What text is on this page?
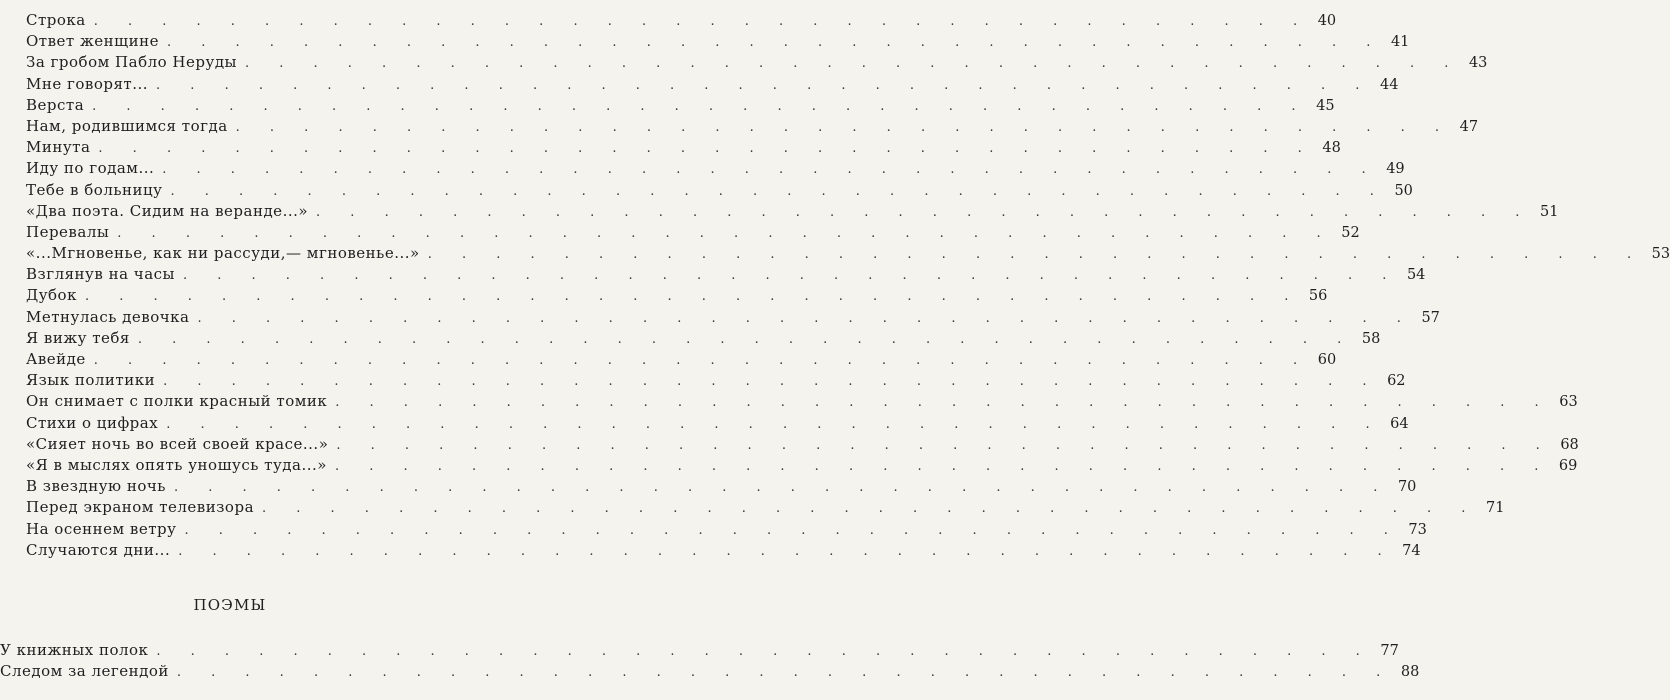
Строка . . . . . . . . . . . . . . . . . . . . . . . . . . . . . . . . . . . . 40
Ответ женщине . . . . . . . . . . . . . . . . . . . . . . . . . . . . . . . . . . . . 41
За гробом Пабло Неруды . . . . . . . . . . . . . . . . . . . . . . . . . . . . . . . . . . . . 43
Мне говорят... . . . . . . . . . . . . . . . . . . . . . . . . . . . . . . . . . . . . 44
Верста . . . . . . . . . . . . . . . . . . . . . . . . . . . . . . . . . . . . 45
Нам, родившимся тогда . . . . . . . . . . . . . . . . . . . . . . . . . . . . . . . . . . . . 47
Минута . . . . . . . . . . . . . . . . . . . . . . . . . . . . . . . . . . . . 48
Иду по годам... . . . . . . . . . . . . . . . . . . . . . . . . . . . . . . . . . . . . 49
Тебе в больницу . . . . . . . . . . . . . . . . . . . . . . . . . . . . . . . . . . . . 50
«Два поэта. Сидим на веранде...» . . . . . . . . . . . . . . . . . . . . . . . . . . . . . . . . . . . . 51
Перевалы . . . . . . . . . . . . . . . . . . . . . . . . . . . . . . . . . . . . 52
«...Мгновенье, как ни рассуди,— мгновенье...» . . . . . . . . . . . . . . . . . . . . . . . . . . . . . . . . . . . . 53
Взглянув на часы . . . . . . . . . . . . . . . . . . . . . . . . . . . . . . . . . . . . 54
Дубок . . . . . . . . . . . . . . . . . . . . . . . . . . . . . . . . . . . . 56
Метнулась девочка . . . . . . . . . . . . . . . . . . . . . . . . . . . . . . . . . . . . 57
Я вижу тебя . . . . . . . . . . . . . . . . . . . . . . . . . . . . . . . . . . . . 58
Авейде . . . . . . . . . . . . . . . . . . . . . . . . . . . . . . . . . . . . 60
Язык политики . . . . . . . . . . . . . . . . . . . . . . . . . . . . . . . . . . . . 62
Он снимает с полки красный томик . . . . . . . . . . . . . . . . . . . . . . . . . . . . . . . . . . . . 63
Стихи о цифрах . . . . . . . . . . . . . . . . . . . . . . . . . . . . . . . . . . . . 64
«Сияет ночь во всей своей красе...» . . . . . . . . . . . . . . . . . . . . . . . . . . . . . . . . . . . . 68
«Я в мыслях опять уношусь туда...» . . . . . . . . . . . . . . . . . . . . . . . . . . . . . . . . . . . . 69
В звездную ночь . . . . . . . . . . . . . . . . . . . . . . . . . . . . . . . . . . . . 70
Перед экраном телевизора . . . . . . . . . . . . . . . . . . . . . . . . . . . . . . . . . . . . 71
На осеннем ветру . . . . . . . . . . . . . . . . . . . . . . . . . . . . . . . . . . . . 73
Случаются дни... . . . . . . . . . . . . . . . . . . . . . . . . . . . . . . . . . . . . 74
ПОЭМЫ
У книжных полок . . . . . . . . . . . . . . . . . . . . . . . . . . . . . . . . . . . . 77
Следом за легендой . . . . . . . . . . . . . . . . . . . . . . . . . . . . . . . . . . . . 88
